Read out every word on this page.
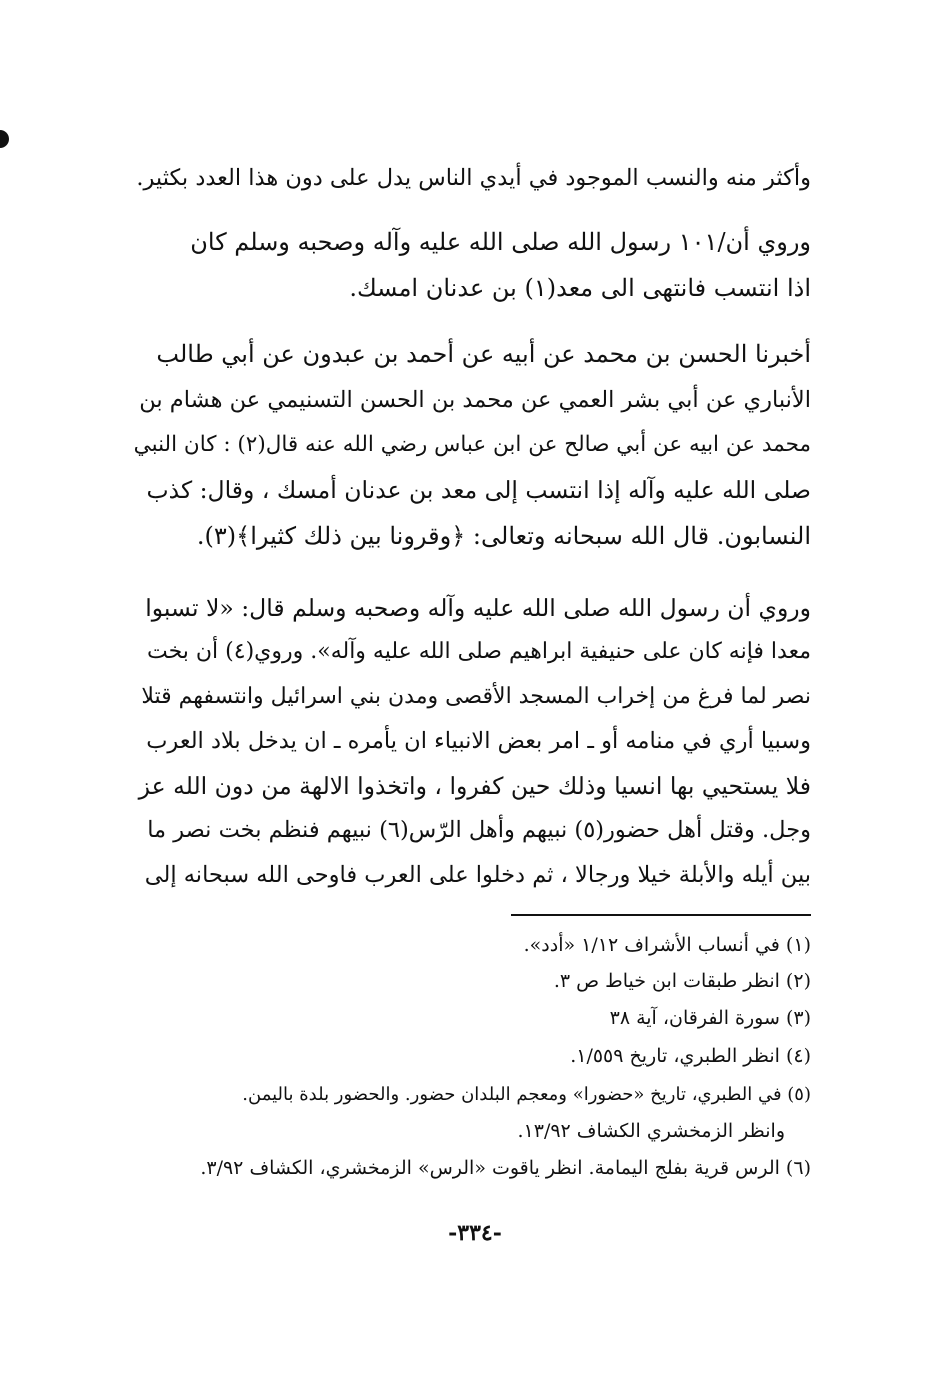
وأكثر منه والنسب الموجود في أيدي الناس يدل على دون هذا العدد بكثير.
وروي أن/١٠١ رسول الله صلى الله عليه وآله وصحبه وسلم كان
اذا انتسب فانتهى الى معد(١) بن عدنان امسك.
أخبرنا الحسن بن محمد عن أبيه عن أحمد بن عبدون عن أبي طالب
الأنباري عن أبي بشر العمي عن محمد بن الحسن التسنيمي عن هشام بن
محمد عن ابيه عن أبي صالح عن ابن عباس رضي الله عنه قال(٢) : كان النبي
صلى الله عليه وآله إذا انتسب إلى معد بن عدنان أمسك ، وقال: كذب
النسابون. قال الله سبحانه وتعالى: ﴿وقرونا بين ذلك كثيرا﴾(٣).
وروي أن رسول الله صلى الله عليه وآله وصحبه وسلم قال: «لا تسبوا
معدا فإنه كان على حنيفية ابراهيم صلى الله عليه وآله». وروي(٤) أن بخت
نصر لما فرغ من إخراب المسجد الأقصى ومدن بني اسرائيل وانتسفهم قتلا
وسبيا أري في منامه أو ـ امر بعض الانبياء ان يأمره ـ ان يدخل بلاد العرب
فلا يستحيي بها انسيا وذلك حين كفروا ، واتخذوا الالهة من دون الله عز
وجل. وقتل أهل حضور(٥) نبيهم وأهل الرّس(٦) نبيهم فنظم بخت نصر ما
بين أيله والأبلة خيلا ورجالا ، ثم دخلوا على العرب فاوحى الله سبحانه إلى
(١) في أنساب الأشراف ١/١٢ «أدد».
(٢) انظر طبقات ابن خياط ص ٣.
(٣) سورة الفرقان، آية ٣٨
(٤) انظر الطبري، تاريخ ١/٥٥٩.
(٥) في الطبري، تاريخ «حضورا» ومعجم البلدان حضور. والحضور بلدة باليمن.
وانظر الزمخشري الكشاف ١٣/٩٢.
(٦) الرس قرية بفلج اليمامة. انظر ياقوت «الرس» الزمخشري، الكشاف ٣/٩٢.
-٣٣٤-
